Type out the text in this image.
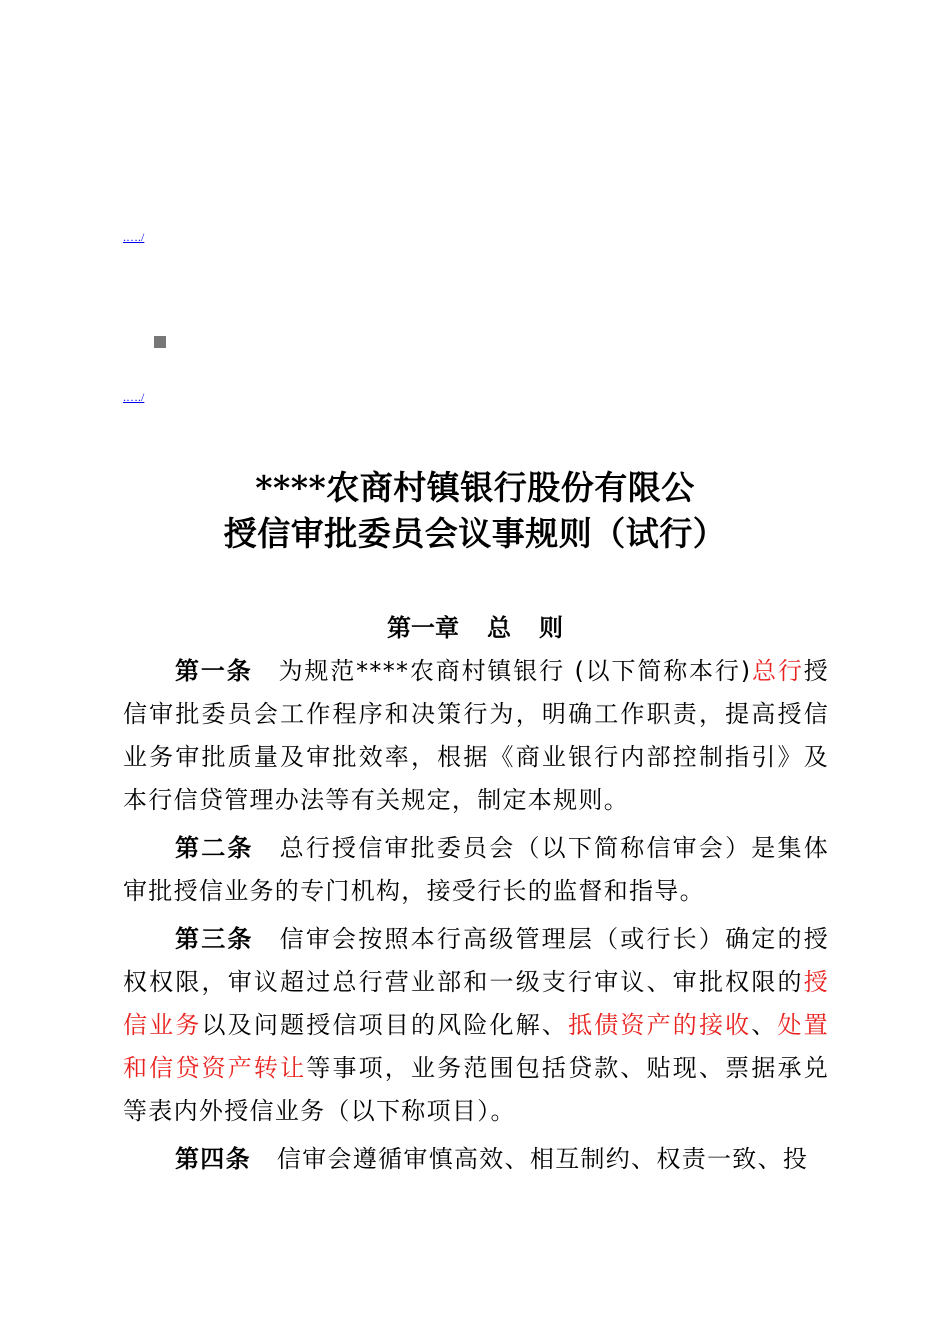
.…./
.…./
****农商村镇银行股份有限公
授信审批委员会议事规则（试行）
第一章 总 则

第一条 为规范****农商村镇银行 (以下简称本行)总行授信审批委员会工作程序和决策行为，明确工作职责，提高授信业务审批质量及审批效率，根据《商业银行内部控制指引》及本行信贷管理办法等有关规定，制定本规则。

第二条 总行授信审批委员会（以下简称信审会）是集体审批授信业务的专门机构，接受行长的监督和指导。

第三条 信审会按照本行高级管理层（或行长）确定的授权权限，审议超过总行营业部和一级支行审议、审批权限的授信业务以及问题授信项目的风险化解、抵债资产的接收、处置和信贷资产转让等事项，业务范围包括贷款、贴现、票据承兑等表内外授信业务（以下称项目）。

第四条 信审会遵循审慎高效、相互制约、权责一致、投
